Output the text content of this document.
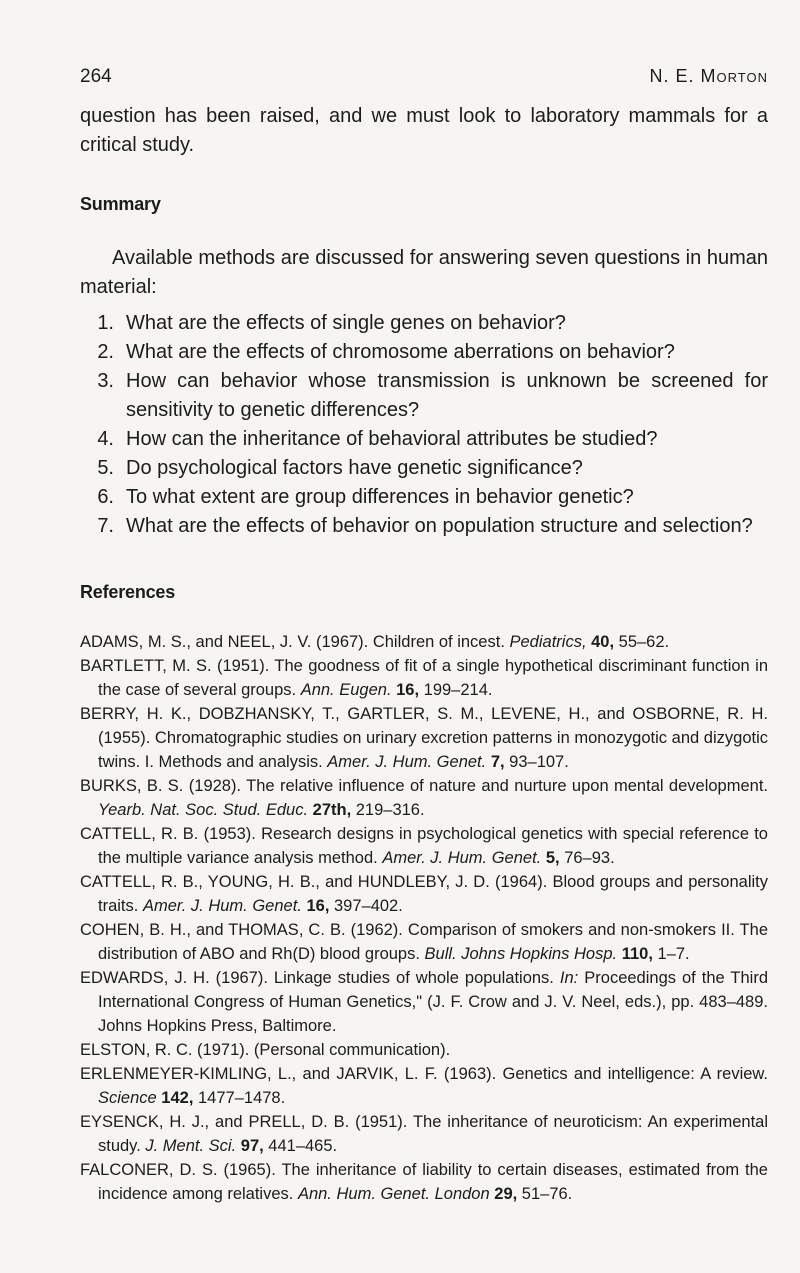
264	N. E. Morton
question has been raised, and we must look to laboratory mammals for a critical study.
Summary
Available methods are discussed for answering seven questions in human material:
1. What are the effects of single genes on behavior?
2. What are the effects of chromosome aberrations on behavior?
3. How can behavior whose transmission is unknown be screened for sensitivity to genetic differences?
4. How can the inheritance of behavioral attributes be studied?
5. Do psychological factors have genetic significance?
6. To what extent are group differences in behavior genetic?
7. What are the effects of behavior on population structure and selection?
References
ADAMS, M. S., and NEEL, J. V. (1967). Children of incest. Pediatrics, 40, 55–62.
BARTLETT, M. S. (1951). The goodness of fit of a single hypothetical discriminant function in the case of several groups. Ann. Eugen. 16, 199–214.
BERRY, H. K., DOBZHANSKY, T., GARTLER, S. M., LEVENE, H., and OSBORNE, R. H. (1955). Chromatographic studies on urinary excretion patterns in monozygotic and dizygotic twins. I. Methods and analysis. Amer. J. Hum. Genet. 7, 93–107.
BURKS, B. S. (1928). The relative influence of nature and nurture upon mental development. Yearb. Nat. Soc. Stud. Educ. 27th, 219–316.
CATTELL, R. B. (1953). Research designs in psychological genetics with special reference to the multiple variance analysis method. Amer. J. Hum. Genet. 5, 76–93.
CATTELL, R. B., YOUNG, H. B., and HUNDLEBY, J. D. (1964). Blood groups and personality traits. Amer. J. Hum. Genet. 16, 397–402.
COHEN, B. H., and THOMAS, C. B. (1962). Comparison of smokers and non-smokers II. The distribution of ABO and Rh(D) blood groups. Bull. Johns Hopkins Hosp. 110, 1–7.
EDWARDS, J. H. (1967). Linkage studies of whole populations. In: Proceedings of the Third International Congress of Human Genetics," (J. F. Crow and J. V. Neel, eds.), pp. 483–489. Johns Hopkins Press, Baltimore.
ELSTON, R. C. (1971). (Personal communication).
ERLENMEYER-KIMLING, L., and JARVIK, L. F. (1963). Genetics and intelligence: A review. Science 142, 1477–1478.
EYSENCK, H. J., and PRELL, D. B. (1951). The inheritance of neuroticism: An experimental study. J. Ment. Sci. 97, 441–465.
FALCONER, D. S. (1965). The inheritance of liability to certain diseases, estimated from the incidence among relatives. Ann. Hum. Genet. London 29, 51–76.
